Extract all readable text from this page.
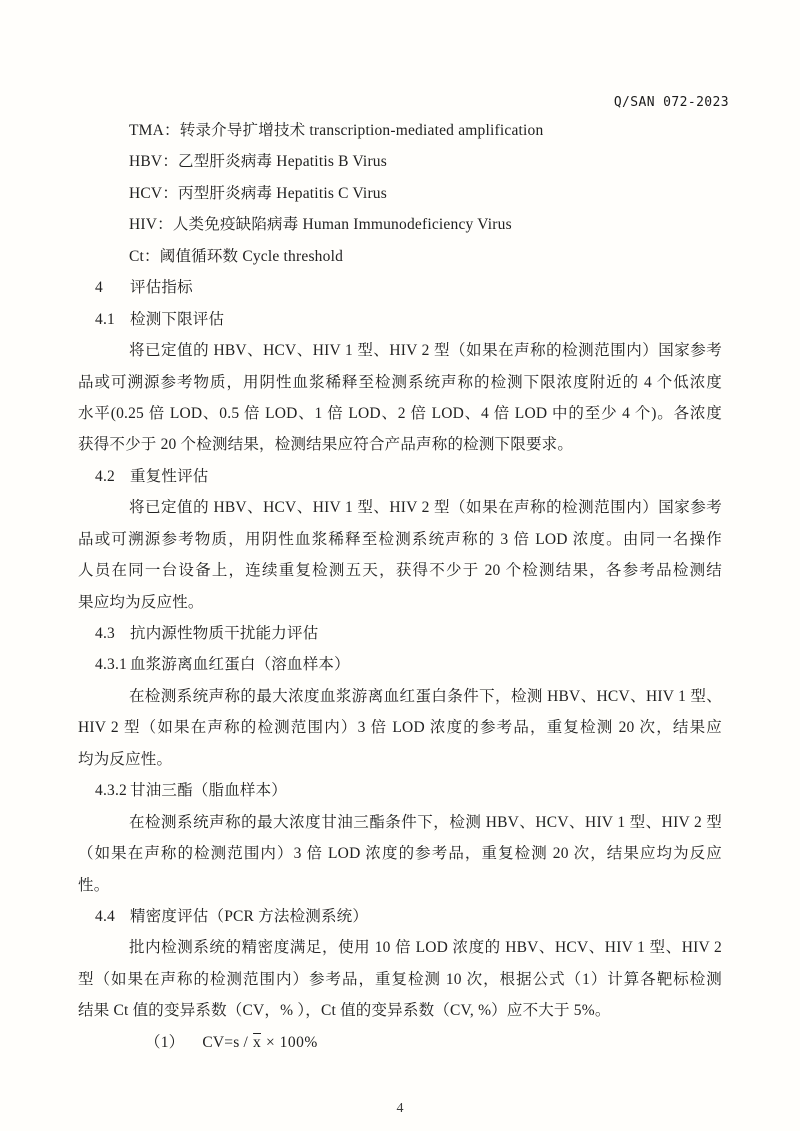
Q/SAN 072-2023
TMA：转录介导扩增技术 transcription-mediated amplification
HBV：乙型肝炎病毒 Hepatitis B Virus
HCV：丙型肝炎病毒 Hepatitis C Virus
HIV：人类免疫缺陷病毒 Human Immunodeficiency Virus
Ct：阈值循环数 Cycle threshold
4 评估指标
4.1 检测下限评估
将已定值的 HBV、HCV、HIV 1 型、HIV 2 型（如果在声称的检测范围内）国家参考
品或可溯源参考物质，用阴性血浆稀释至检测系统声称的检测下限浓度附近的 4 个低浓度
水平(0.25 倍 LOD、0.5 倍 LOD、1 倍 LOD、2 倍 LOD、4 倍 LOD 中的至少 4 个)。各浓度
获得不少于 20 个检测结果，检测结果应符合产品声称的检测下限要求。
4.2 重复性评估
将已定值的 HBV、HCV、HIV 1 型、HIV 2 型（如果在声称的检测范围内）国家参考
品或可溯源参考物质，用阴性血浆稀释至检测系统声称的 3 倍 LOD 浓度。由同一名操作
人员在同一台设备上，连续重复检测五天，获得不少于 20 个检测结果，各参考品检测结
果应均为反应性。
4.3 抗内源性物质干扰能力评估
4.3.1 血浆游离血红蛋白（溶血样本）
在检测系统声称的最大浓度血浆游离血红蛋白条件下，检测 HBV、HCV、HIV 1 型、
HIV 2 型（如果在声称的检测范围内）3 倍 LOD 浓度的参考品，重复检测 20 次，结果应
均为反应性。
4.3.2 甘油三酯（脂血样本）
在检测系统声称的最大浓度甘油三酯条件下，检测 HBV、HCV、HIV 1 型、HIV 2 型
（如果在声称的检测范围内）3 倍 LOD 浓度的参考品，重复检测 20 次，结果应均为反应
性。
4.4 精密度评估（PCR 方法检测系统）
批内检测系统的精密度满足，使用 10 倍 LOD 浓度的 HBV、HCV、HIV 1 型、HIV 2
型（如果在声称的检测范围内）参考品，重复检测 10 次，根据公式（1）计算各靶标检测
结果 Ct 值的变异系数（CV，% ），Ct 值的变异系数（CV, %）应不大于 5%。
（1） $CV=s / \overline{x} \times 100\%$
4
